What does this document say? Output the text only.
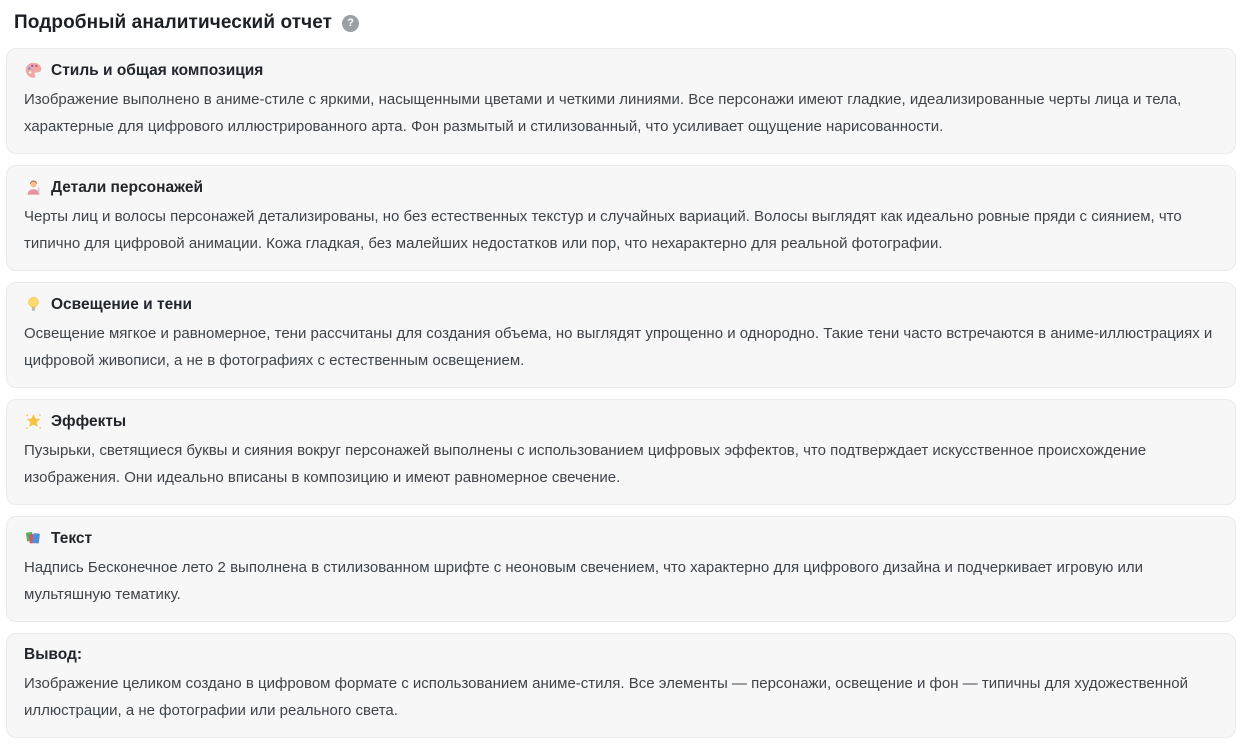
Подробный аналитический отчет	?
Стиль и общая композиция

Изображение выполнено в аниме-стиле с яркими, насыщенными цветами и четкими линиями. Все персонажи имеют гладкие, идеализированные черты лица и тела, характерные для цифрового иллюстрированного арта. Фон размытый и стилизованный, что усиливает ощущение нарисованности.

Детали персонажей

Черты лиц и волосы персонажей детализированы, но без естественных текстур и случайных вариаций. Волосы выглядят как идеально ровные пряди с сиянием, что типично для цифровой анимации. Кожа гладкая, без малейших недостатков или пор, что нехарактерно для реальной фотографии.

Освещение и тени

Освещение мягкое и равномерное, тени рассчитаны для создания объема, но выглядят упрощенно и однородно. Такие тени часто встречаются в аниме-иллюстрациях и цифровой живописи, а не в фотографиях с естественным освещением.

Эффекты

Пузырьки, светящиеся буквы и сияния вокруг персонажей выполнены с использованием цифровых эффектов, что подтверждает искусственное происхождение изображения. Они идеально вписаны в композицию и имеют равномерное свечение.

Текст

Надпись Бесконечное лето 2 выполнена в стилизованном шрифте с неоновым свечением, что характерно для цифрового дизайна и подчеркивает игровую или мультяшную тематику.

Вывод:

Изображение целиком создано в цифровом формате с использованием аниме-стиля. Все элементы — персонажи, освещение и фон — типичны для художественной иллюстрации, а не фотографии или реального света.
